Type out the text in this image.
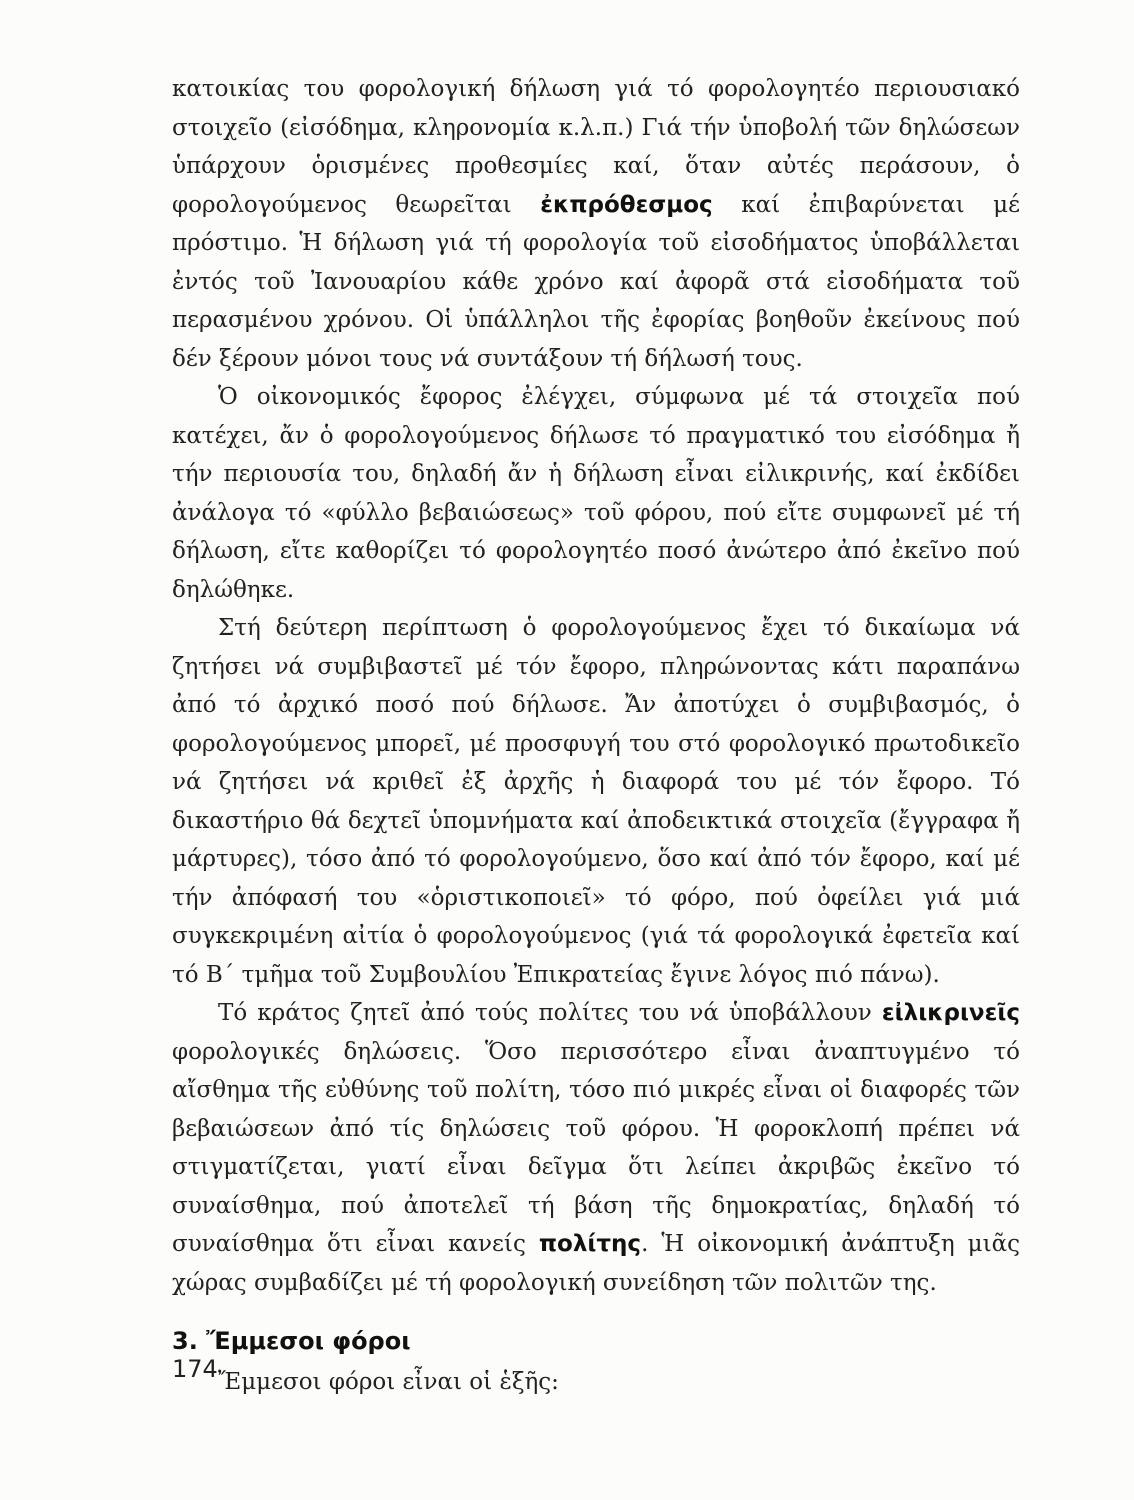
κατοικίας του φορολογική δήλωση γιά τό φορολογητέο περιουσιακό στοιχεῖο (εἰσόδημα, κληρονομία κ.λ.π.) Γιά τήν ὑποβολή τῶν δηλώσεων ὑπάρχουν ὁρισμένες προθεσμίες καί, ὅταν αὐτές περάσουν, ὁ φορολογούμενος θεωρεῖται ἐκπρόθεσμος καί ἐπιβαρύνεται μέ πρόστιμο. Ἡ δήλωση γιά τή φορολογία τοῦ εἰσοδήματος ὑποβάλλεται ἐντός τοῦ Ἰανουαρίου κάθε χρόνο καί ἀφορᾶ στά εἰσοδήματα τοῦ περασμένου χρόνου. Οἱ ὑπάλληλοι τῆς ἐφορίας βοηθοῦν ἐκείνους πού δέν ξέρουν μόνοι τους νά συντάξουν τή δήλωσή τους.

Ὁ οἰκονομικός ἔφορος ἐλέγχει, σύμφωνα μέ τά στοιχεῖα πού κατέχει, ἄν ὁ φορολογούμενος δήλωσε τό πραγματικό του εἰσόδημα ἤ τήν περιουσία του, δηλαδή ἄν ἡ δήλωση εἶναι εἰλικρινής, καί ἐκδίδει ἀνάλογα τό «φύλλο βεβαιώσεως» τοῦ φόρου, πού εἴτε συμφωνεῖ μέ τή δήλωση, εἴτε καθορίζει τό φορολογητέο ποσό ἀνώτερο ἀπό ἐκεῖνο πού δηλώθηκε.

Στή δεύτερη περίπτωση ὁ φορολογούμενος ἔχει τό δικαίωμα νά ζητήσει νά συμβιβαστεῖ μέ τόν ἔφορο, πληρώνοντας κάτι παραπάνω ἀπό τό ἀρχικό ποσό πού δήλωσε. Ἄν ἀποτύχει ὁ συμβιβασμός, ὁ φορολογούμενος μπορεῖ, μέ προσφυγή του στό φορολογικό πρωτοδικεῖο νά ζητήσει νά κριθεῖ ἐξ ἀρχῆς ἡ διαφορά του μέ τόν ἔφορο. Τό δικαστήριο θά δεχτεῖ ὑπομνήματα καί ἀποδεικτικά στοιχεῖα (ἔγγραφα ἤ μάρτυρες), τόσο ἀπό τό φορολογούμενο, ὅσο καί ἀπό τόν ἔφορο, καί μέ τήν ἀπόφασή του «ὁριστικοποιεῖ» τό φόρο, πού ὀφείλει γιά μιά συγκεκριμένη αἰτία ὁ φορολογούμενος (γιά τά φορολογικά ἐφετεῖα καί τό Β΄ τμῆμα τοῦ Συμβουλίου Ἐπικρατείας ἔγινε λόγος πιό πάνω).

Τό κράτος ζητεῖ ἀπό τούς πολίτες του νά ὑποβάλλουν εἰλικρινεῖς φορολογικές δηλώσεις. Ὅσο περισσότερο εἶναι ἀναπτυγμένο τό αἴσθημα τῆς εὐθύνης τοῦ πολίτη, τόσο πιό μικρές εἶναι οἱ διαφορές τῶν βεβαιώσεων ἀπό τίς δηλώσεις τοῦ φόρου. Ἡ φοροκλοπή πρέπει νά στιγματίζεται, γιατί εἶναι δεῖγμα ὅτι λείπει ἀκριβῶς ἐκεῖνο τό συναίσθημα, πού ἀποτελεῖ τή βάση τῆς δημοκρατίας, δηλαδή τό συναίσθημα ὅτι εἶναι κανείς πολίτης. Ἡ οἰκονομική ἀνάπτυξη μιᾶς χώρας συμβαδίζει μέ τή φορολογική συνείδηση τῶν πολιτῶν της.

3. Ἔμμεσοι φόροι

Ἔμμεσοι φόροι εἶναι οἱ ἑξῆς:

174
